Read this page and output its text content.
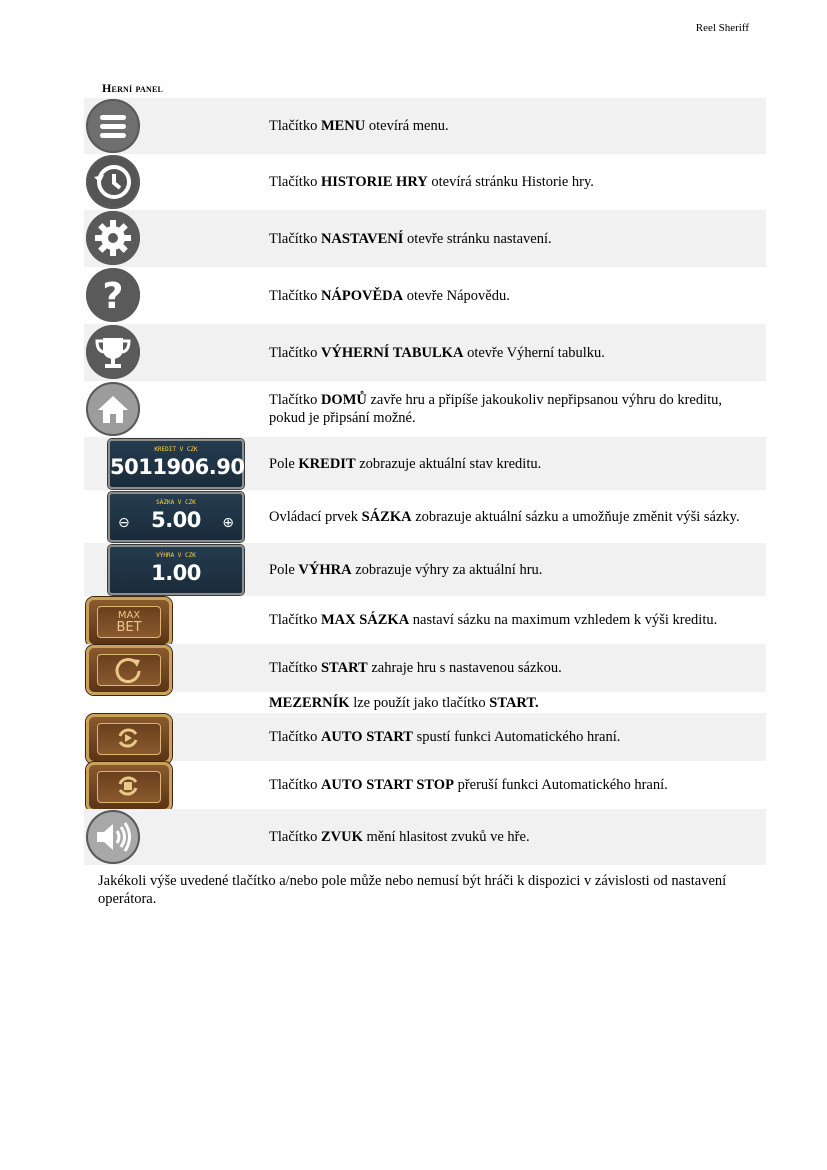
Reel Sheriff
Herní panel
Tlačítko MENU otevírá menu.
Tlačítko HISTORIE HRY otevírá stránku Historie hry.
Tlačítko NASTAVENÍ otevře stránku nastavení.
?	Tlačítko NÁPOVĚDA otevře Nápovědu.
Tlačítko VÝHERNÍ TABULKA otevře Výherní tabulku.
Tlačítko DOMŮ zavře hru a připíše jakoukoliv nepřipsanou výhru do kreditu, pokud je připsání možné.
KREDIT V CZK
5011906.90 Pole KREDIT zobrazuje aktuální stav kreditu.
SÁZKA V CZK
5.00
⊖	⊕ Ovládací prvek SÁZKA zobrazuje aktuální sázku a umožňuje změnit výši sázky.
VÝHRA V CZK
1.00	Pole VÝHRA zobrazuje výhry za aktuální hru.
MAX
BET	Tlačítko MAX SÁZKA nastaví sázku na maximum vzhledem k výši kreditu.
Tlačítko START zahraje hru s nastavenou sázkou.
MEZERNÍK lze použít jako tlačítko START.
Tlačítko AUTO START spustí funkci Automatického hraní.
Tlačítko AUTO START STOP přeruší funkci Automatického hraní.
Tlačítko ZVUK mění hlasitost zvuků ve hře.
Jakékoli výše uvedené tlačítko a/nebo pole může nebo nemusí být hráči k dispozici v závislosti od nastavení operátora.
